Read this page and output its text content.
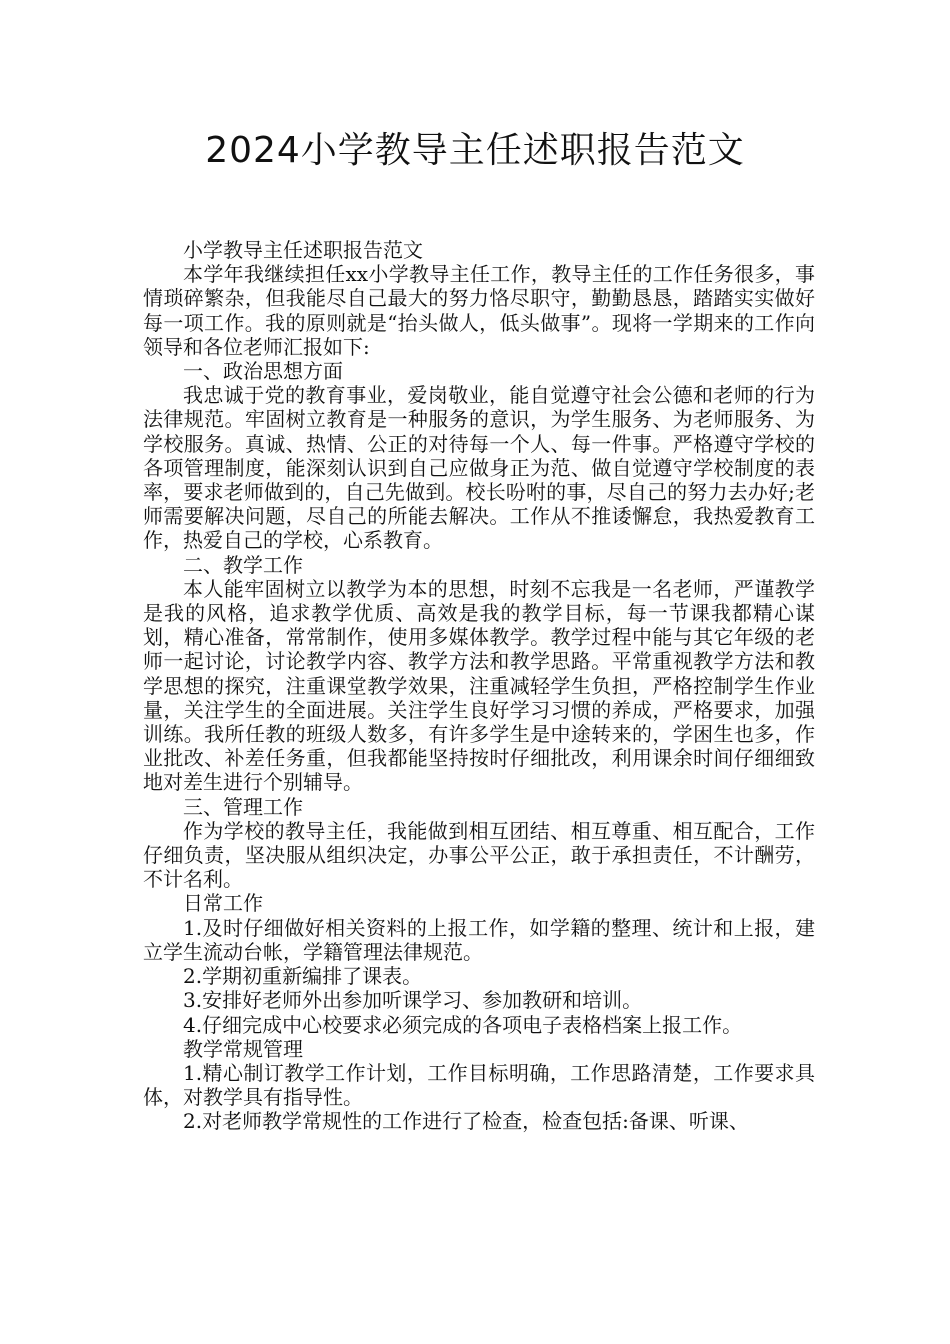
2024小学教导主任述职报告范文

小学教导主任述职报告范文

本学年我继续担任xx小学教导主任工作，教导主任的工作任务很多，事情琐碎繁杂，但我能尽自己最大的努力恪尽职守，勤勤恳恳，踏踏实实做好每一项工作。我的原则就是“抬头做人，低头做事”。现将一学期来的工作向领导和各位老师汇报如下:

一、政治思想方面

我忠诚于党的教育事业，爱岗敬业，能自觉遵守社会公德和老师的行为法律规范。牢固树立教育是一种服务的意识，为学生服务、为老师服务、为学校服务。真诚、热情、公正的对待每一个人、每一件事。严格遵守学校的各项管理制度，能深刻认识到自己应做身正为范、做自觉遵守学校制度的表率，要求老师做到的，自己先做到。校长吩咐的事，尽自己的努力去办好;老师需要解决问题，尽自己的所能去解决。工作从不推诿懈怠，我热爱教育工作，热爱自己的学校，心系教育。

二、教学工作

本人能牢固树立以教学为本的思想，时刻不忘我是一名老师，严谨教学是我的风格，追求教学优质、高效是我的教学目标，每一节课我都精心谋划，精心准备，常常制作，使用多媒体教学。教学过程中能与其它年级的老师一起讨论，讨论教学内容、教学方法和教学思路。平常重视教学方法和教学思想的探究，注重课堂教学效果，注重减轻学生负担，严格控制学生作业量，关注学生的全面进展。关注学生良好学习习惯的养成，严格要求，加强训练。我所任教的班级人数多，有许多学生是中途转来的，学困生也多，作业批改、补差任务重，但我都能坚持按时仔细批改，利用课余时间仔细细致地对差生进行个别辅导。

三、管理工作

作为学校的教导主任，我能做到相互团结、相互尊重、相互配合，工作仔细负责，坚决服从组织决定，办事公平公正，敢于承担责任，不计酬劳，不计名利。

日常工作

1.及时仔细做好相关资料的上报工作，如学籍的整理、统计和上报，建立学生流动台帐，学籍管理法律规范。

2.学期初重新编排了课表。

3.安排好老师外出参加听课学习、参加教研和培训。

4.仔细完成中心校要求必须完成的各项电子表格档案上报工作。

教学常规管理

1.精心制订教学工作计划，工作目标明确，工作思路清楚，工作要求具体，对教学具有指导性。

2.对老师教学常规性的工作进行了检查，检查包括:备课、听课、
